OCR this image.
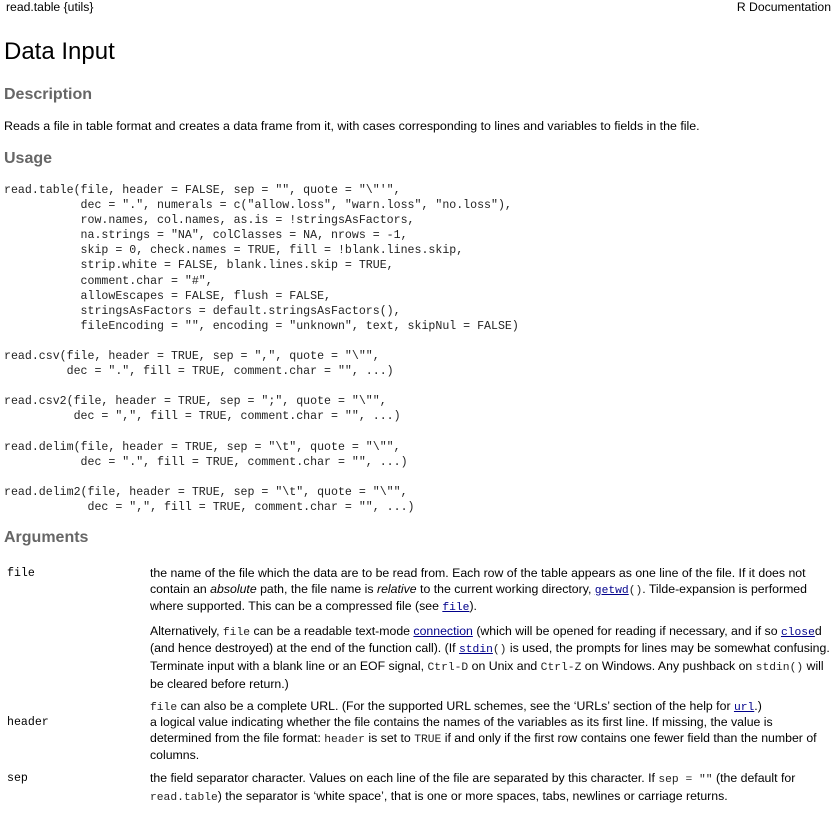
read.table {utils}	R Documentation
Data Input
Description

Reads a file in table format and creates a data frame from it, with cases corresponding to lines and variables to fields in the file.

Usage
read.table(file, header = FALSE, sep = "", quote = "\"'",
dec = ".", numerals = c("allow.loss", "warn.loss", "no.loss"),
row.names, col.names, as.is = !stringsAsFactors,
na.strings = "NA", colClasses = NA, nrows = -1,
skip = 0, check.names = TRUE, fill = !blank.lines.skip,
strip.white = FALSE, blank.lines.skip = TRUE,
comment.char = "#",
allowEscapes = FALSE, flush = FALSE,
stringsAsFactors = default.stringsAsFactors(),
fileEncoding = "", encoding = "unknown", text, skipNul = FALSE)

read.csv(file, header = TRUE, sep = ",", quote = "\"",
dec = ".", fill = TRUE, comment.char = "", ...)

read.csv2(file, header = TRUE, sep = ";", quote = "\"",
dec = ",", fill = TRUE, comment.char = "", ...)

read.delim(file, header = TRUE, sep = "\t", quote = "\"",
dec = ".", fill = TRUE, comment.char = "", ...)

read.delim2(file, header = TRUE, sep = "\t", quote = "\"",
dec = ",", fill = TRUE, comment.char = "", ...)
Arguments
file	the name of the file which the data are to be read from. Each row of the table appears as one line of the file. If it does not contain an absolute path, the file name is relative to the current working directory, getwd(). Tilde-expansion is performed where supported. This can be a compressed file (see file).

Alternatively, file can be a readable text-mode connection (which will be opened for reading if necessary, and if so closed (and hence destroyed) at the end of the function call). (If stdin() is used, the prompts for lines may be somewhat confusing. Terminate input with a blank line or an EOF signal, Ctrl-D on Unix and Ctrl-Z on Windows. Any pushback on stdin() will be cleared before return.)

file can also be a complete URL. (For the supported URL schemes, see the ‘URLs’ section of the help for url.)

header	a logical value indicating whether the file contains the names of the variables as its first line. If missing, the value is determined from the file format: header is set to TRUE if and only if the first row contains one fewer field than the number of columns.

sep	the field separator character. Values on each line of the file are separated by this character. If sep = "" (the default for read.table) the separator is ‘white space’, that is one or more spaces, tabs, newlines or carriage returns.
